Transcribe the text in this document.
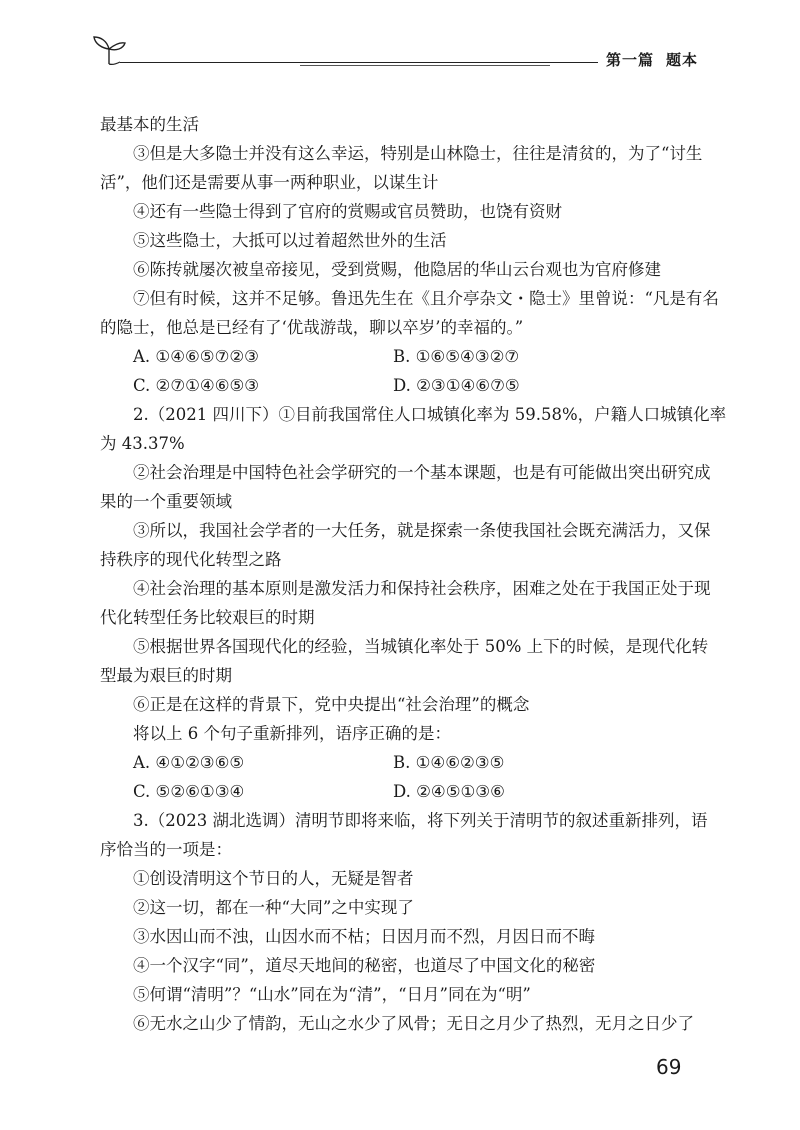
第一篇 题本
最基本的生活
③但是大多隐士并没有这么幸运，特别是山林隐士，往往是清贫的，为了“讨生
活”，他们还是需要从事一两种职业，以谋生计
④还有一些隐士得到了官府的赏赐或官员赞助，也饶有资财
⑤这些隐士，大抵可以过着超然世外的生活
⑥陈抟就屡次被皇帝接见，受到赏赐，他隐居的华山云台观也为官府修建
⑦但有时候，这并不足够。鲁迅先生在《且介亭杂文・隐士》里曾说：“凡是有名
的隐士，他总是已经有了‘优哉游哉，聊以卒岁’的幸福的。”
A. ①④⑥⑤⑦②③	B. ①⑥⑤④③②⑦
C. ②⑦①④⑥⑤③	D. ②③①④⑥⑦⑤
2.（2021 四川下）①目前我国常住人口城镇化率为 59.58%，户籍人口城镇化率
为 43.37%
②社会治理是中国特色社会学研究的一个基本课题，也是有可能做出突出研究成
果的一个重要领域
③所以，我国社会学者的一大任务，就是探索一条使我国社会既充满活力，又保
持秩序的现代化转型之路
④社会治理的基本原则是激发活力和保持社会秩序，困难之处在于我国正处于现
代化转型任务比较艰巨的时期
⑤根据世界各国现代化的经验，当城镇化率处于 50% 上下的时候，是现代化转
型最为艰巨的时期
⑥正是在这样的背景下，党中央提出“社会治理”的概念
将以上 6 个句子重新排列，语序正确的是：
A. ④①②③⑥⑤	B. ①④⑥②③⑤
C. ⑤②⑥①③④	D. ②④⑤①③⑥
3.（2023 湖北选调）清明节即将来临，将下列关于清明节的叙述重新排列，语
序恰当的一项是：
①创设清明这个节日的人，无疑是智者
②这一切，都在一种“大同”之中实现了
③水因山而不浊，山因水而不枯；日因月而不烈，月因日而不晦
④一个汉字“同”，道尽天地间的秘密，也道尽了中国文化的秘密
⑤何谓“清明”？“山水”同在为“清”，“日月”同在为“明”
⑥无水之山少了情韵，无山之水少了风骨；无日之月少了热烈，无月之日少了
69
